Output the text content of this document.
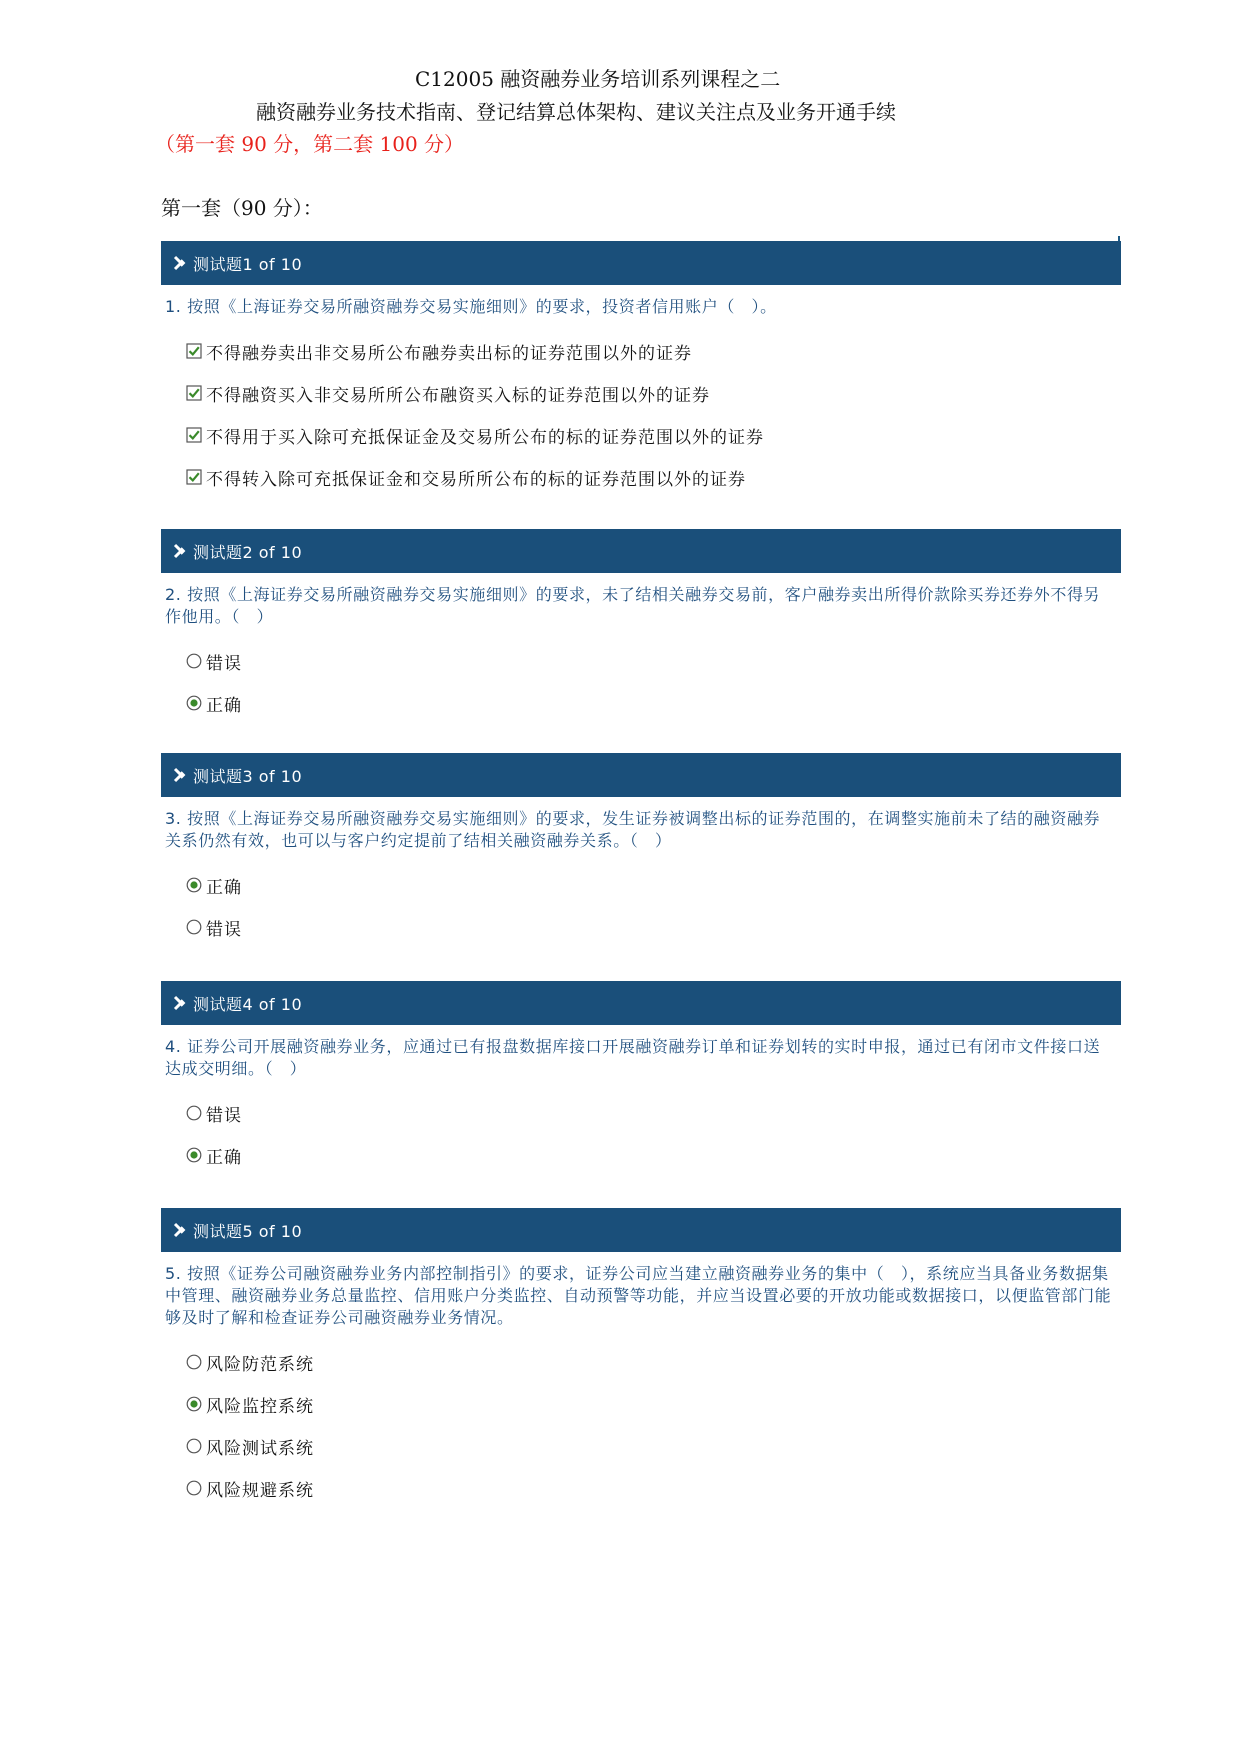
C12005 融资融券业务培训系列课程之二
融资融券业务技术指南、登记结算总体架构、建议关注点及业务开通手续
（第一套 90 分，第二套 100 分）
第一套（90 分）：
测试题1 of 10
1. 按照《上海证券交易所融资融券交易实施细则》的要求，投资者信用账户（　）。
不得融券卖出非交易所公布融券卖出标的证券范围以外的证券
不得融资买入非交易所所公布融资买入标的证券范围以外的证券
不得用于买入除可充抵保证金及交易所公布的标的证券范围以外的证券
不得转入除可充抵保证金和交易所所公布的标的证券范围以外的证券
测试题2 of 10
2. 按照《上海证券交易所融资融券交易实施细则》的要求，未了结相关融券交易前，客户融券卖出所得价款除买券还券外不得另作他用。（　）
错误
正确
测试题3 of 10
3. 按照《上海证券交易所融资融券交易实施细则》的要求，发生证券被调整出标的证券范围的，在调整实施前未了结的融资融券关系仍然有效，也可以与客户约定提前了结相关融资融券关系。（　）
正确
错误
测试题4 of 10
4. 证券公司开展融资融券业务，应通过已有报盘数据库接口开展融资融券订单和证券划转的实时申报，通过已有闭市文件接口送达成交明细。（　）
错误
正确
测试题5 of 10
5. 按照《证券公司融资融券业务内部控制指引》的要求，证券公司应当建立融资融券业务的集中（　），系统应当具备业务数据集中管理、融资融券业务总量监控、信用账户分类监控、自动预警等功能，并应当设置必要的开放功能或数据接口，以便监管部门能够及时了解和检查证券公司融资融券业务情况。
风险防范系统
风险监控系统
风险测试系统
风险规避系统
